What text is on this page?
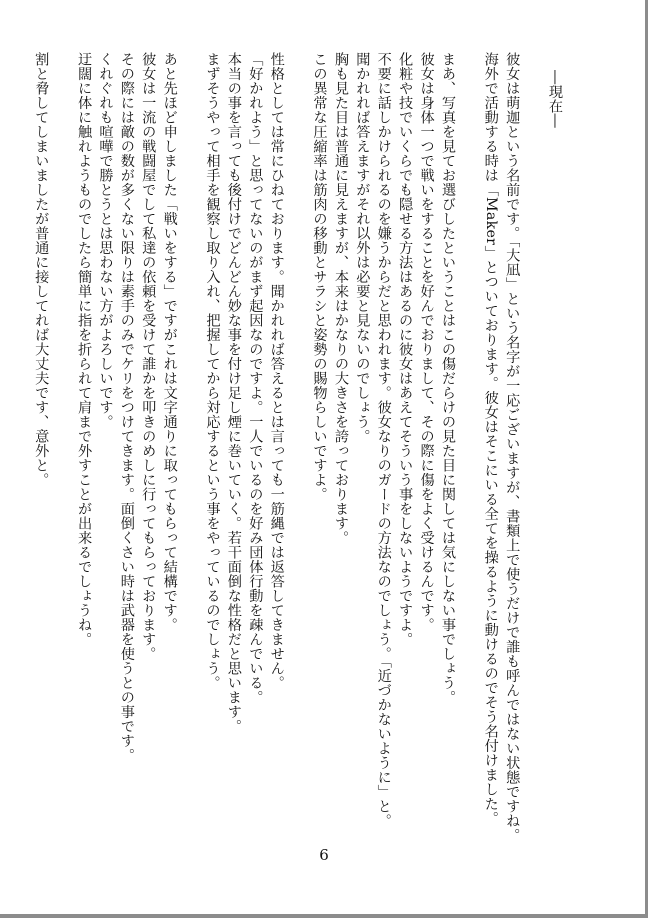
―現在―

彼女は萌迦という名前です。「大凪」という名字が一応ございますが、書類上で使うだけで誰も呼んではない状態ですね。
海外で活動する時は「Maker」とついております。彼女はそこにいる全てを操るように動けるのでそう名付けました。

まあ、写真を見てお選びしたということはこの傷だらけの見た目に関しては気にしない事でしょう。
彼女は身体一つで戦いをすることを好んでおりまして、その際に傷をよく受けるんです。
化粧や技でいくらでも隠せる方法はあるのに彼女はあえてそういう事をしないようですよ。
不要に話しかけられるのを嫌うからだと思われます。彼女なりのガードの方法なのでしょう。「近づかないように」と。
聞かれれば答えますがそれ以外は必要と見ないのでしょう。
胸も見た目は普通に見えますが、本来はかなりの大きさを誇っております。
この異常な圧縮率は筋肉の移動とサラシと姿勢の賜物らしいですよ。

性格としては常にひねております。聞かれれば答えるとは言っても一筋縄では返答してきません。
「好かれよう」と思ってないのがまず起因なのですよ。一人でいるのを好み団体行動を疎んでいる。
本当の事を言っても後付けでどんどん妙な事を付け足し煙に巻いていく。若干面倒な性格だと思います。
まずそうやって相手を観察し取り入れ、把握してから対応するという事をやっているのでしょう。

あと先ほど申しました「戦いをする」ですがこれは文字通りに取ってもらって結構です。
彼女は一流の戦闘屋でして私達の依頼を受けて誰かを叩きのめしに行ってもらっております。
その際には敵の数が多くない限りは素手のみでケリをつけてきます。面倒くさい時は武器を使うとの事です。
くれぐれも喧嘩で勝とうとは思わない方がよろしいです。
迂闊に体に触れようものでしたら簡単に指を折られて肩まで外すことが出来るでしょうね。

割と脅してしまいましたが普通に接してれば大丈夫です、意外と。
6
